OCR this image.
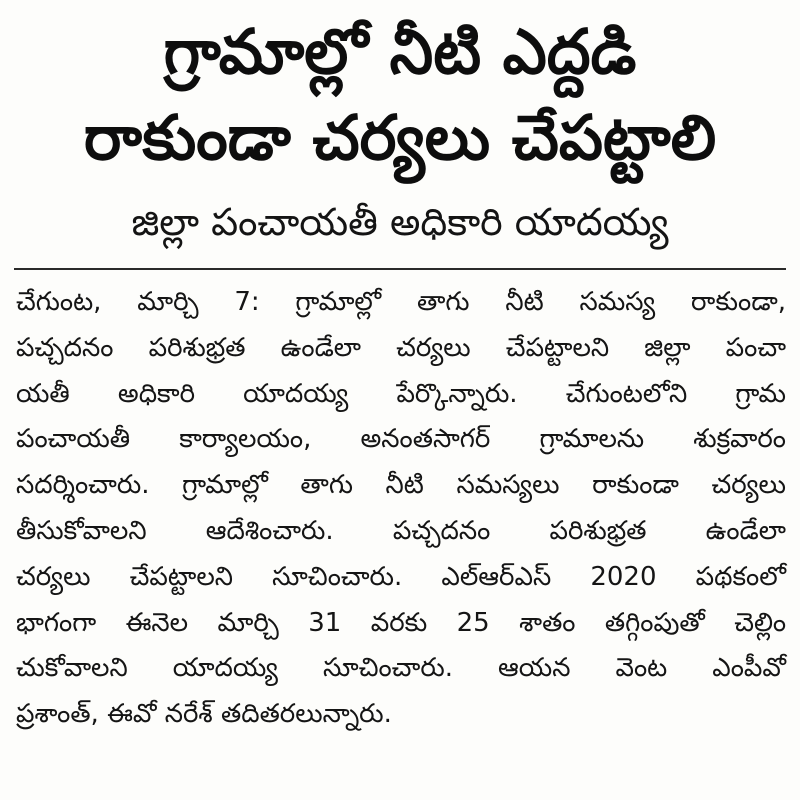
గ్రామాల్లో నీటి ఎద్దడి
రాకుండా చర్యలు చేపట్టాలి
జిల్లా పంచాయతీ అధికారి యాదయ్య
చేగుంట, మార్చి 7: గ్రామాల్లో తాగు నీటి సమస్య రాకుండా,
పచ్చదనం పరిశుభ్రత ఉండేలా చర్యలు చేపట్టాలని జిల్లా పంచా
యతీ అధికారి యాదయ్య పేర్కొన్నారు. చేగుంటలోని గ్రామ
పంచాయతీ కార్యాలయం, అనంతసాగర్ గ్రామాలను శుక్రవారం
సదర్శించారు. గ్రామాల్లో తాగు నీటి సమస్యలు రాకుండా చర్యలు
తీసుకోవాలని ఆదేశించారు. పచ్చదనం పరిశుభ్రత ఉండేలా
చర్యలు చేపట్టాలని సూచించారు. ఎల్ఆర్ఎస్ 2020 పథకంలో
భాగంగా ఈనెల మార్చి 31 వరకు 25 శాతం తగ్గింపుతో చెల్లిం
చుకోవాలని యాదయ్య సూచించారు. ఆయన వెంట ఎంపీవో
ప్రశాంత్, ఈవో నరేశ్ తదితరలున్నారు.
